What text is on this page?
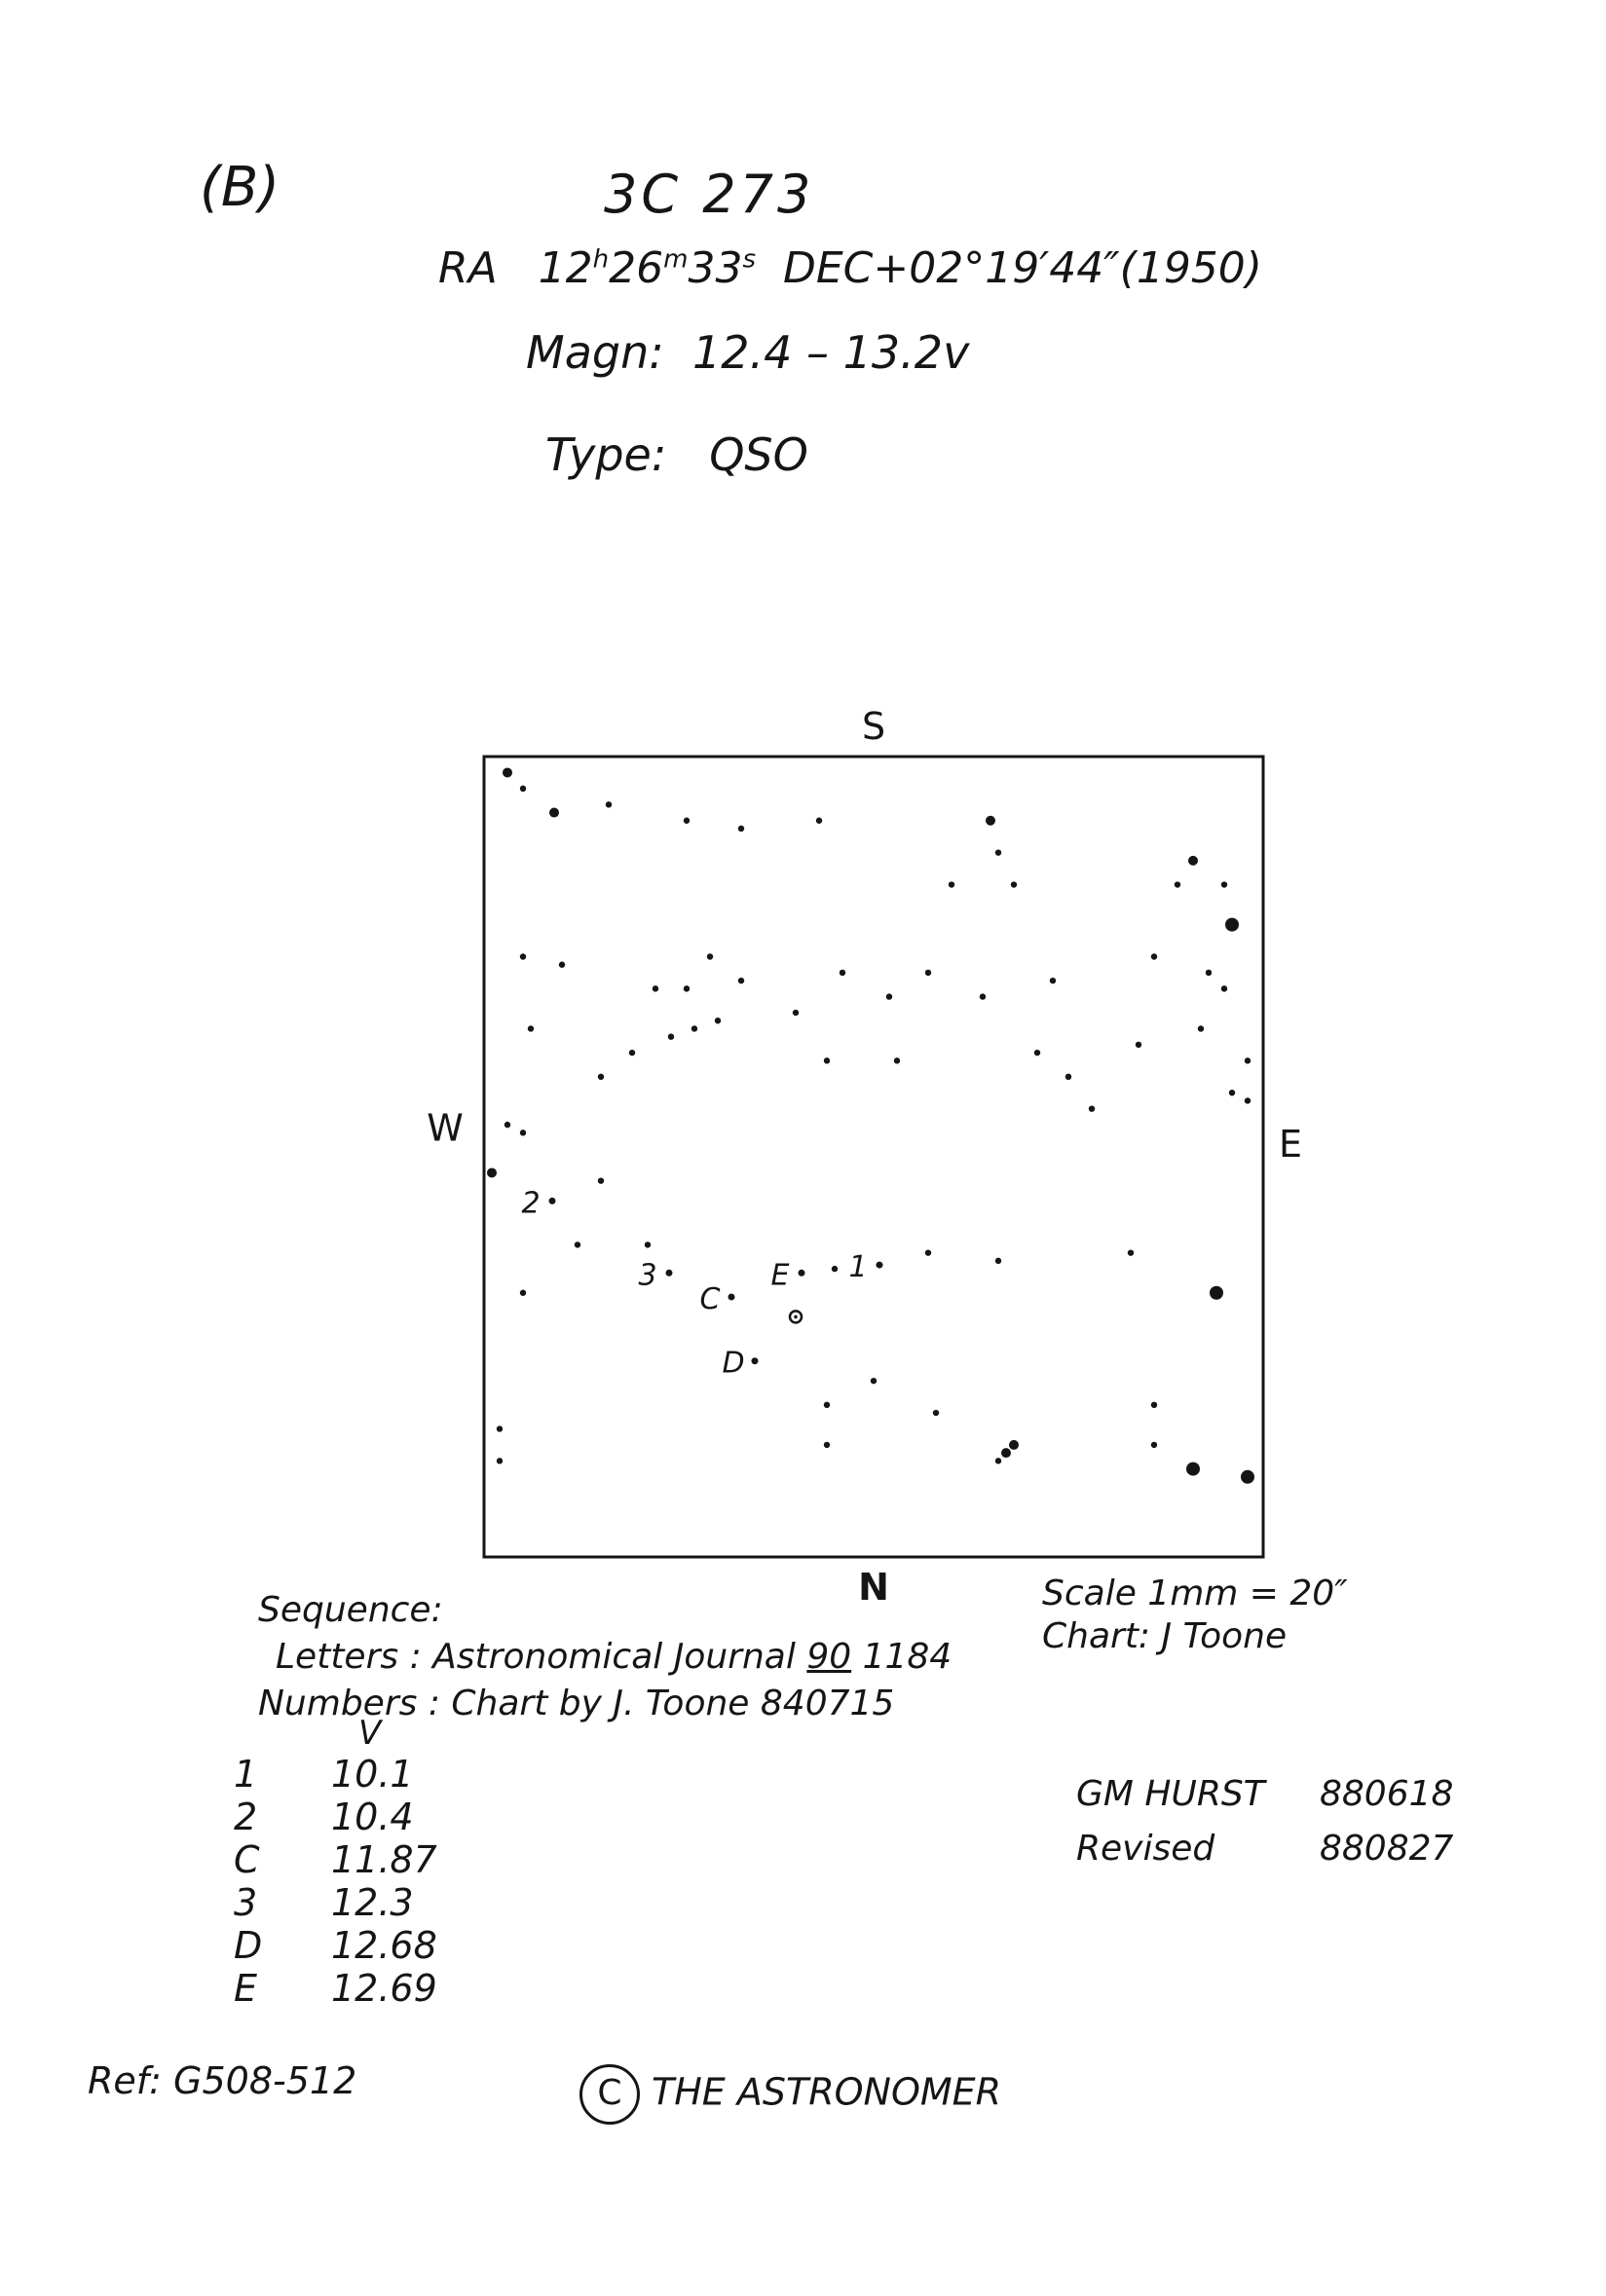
(B)	3C 273
RA 12$^h$26$^m$33$^s$ DEC+02°19′44″(1950)
Magn: 12.4 – 13.2v
Type: QSO
S
N
W	E
1
2
3
C
D
E
Sequence:
Letters : Astronomical Journal 90 1184
Numbers : Chart by J. Toone 840715
Scale 1mm = 20″
Chart: J Toone
	V
1	10.1
2	10.4
C	11.87
3	12.3
D	12.68
E	12.69
GM HURST 880618
Revised	880827
Ref: G508-512	C THE ASTRONOMER
